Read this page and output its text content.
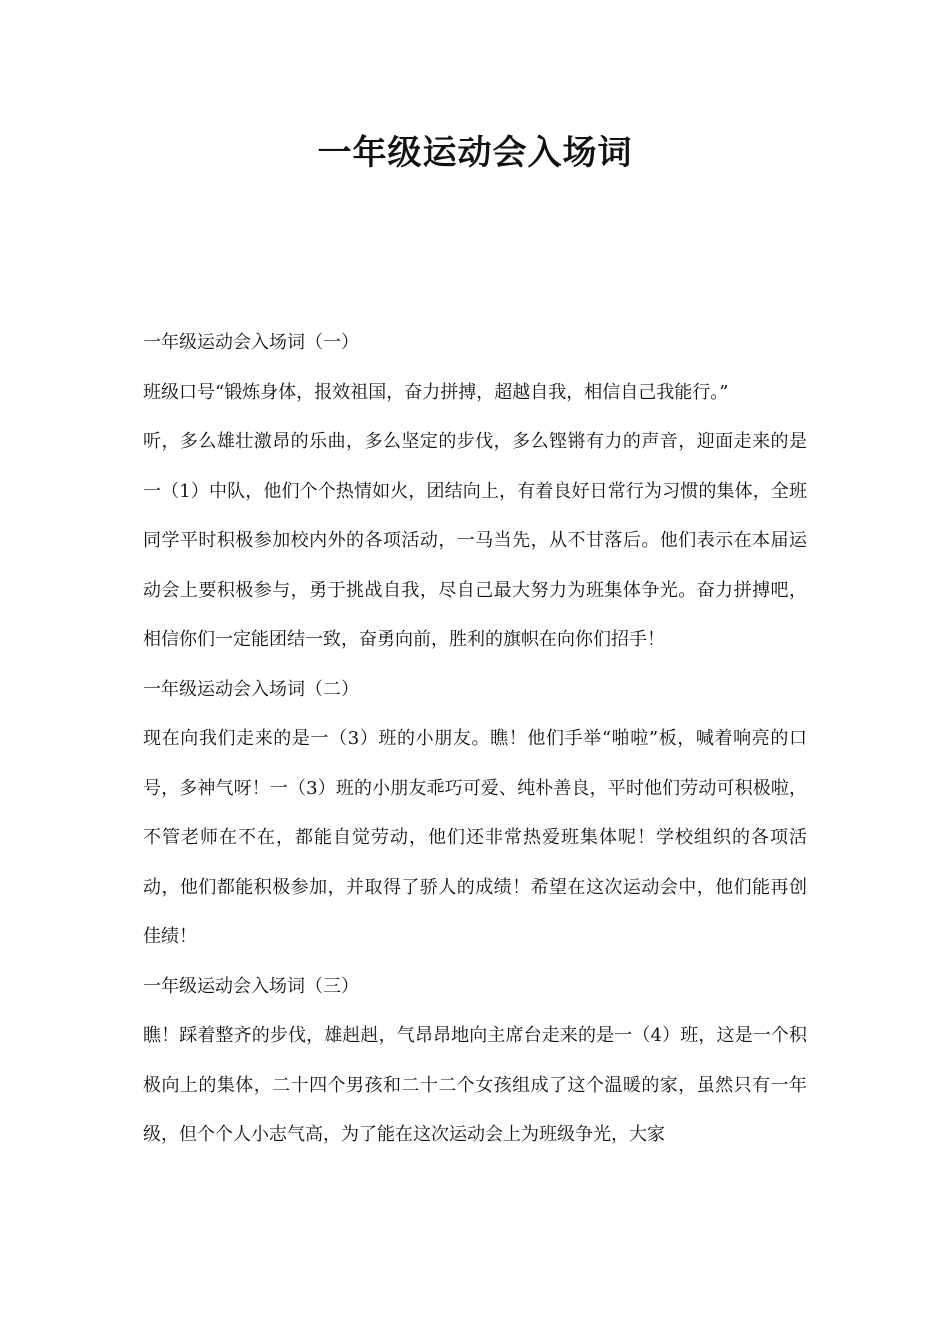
一年级运动会入场词

一年级运动会入场词（一）

班级口号“锻炼身体，报效祖国，奋力拼搏，超越自我，相信自己我能行。”

听，多么雄壮激昂的乐曲，多么坚定的步伐，多么铿锵有力的声音，迎面走来的是一（1）中队，他们个个热情如火，团结向上，有着良好日常行为习惯的集体，全班同学平时积极参加校内外的各项活动，一马当先，从不甘落后。他们表示在本届运动会上要积极参与，勇于挑战自我，尽自己最大努力为班集体争光。奋力拼搏吧，相信你们一定能团结一致，奋勇向前，胜利的旗帜在向你们招手！

一年级运动会入场词（二）

现在向我们走来的是一（3）班的小朋友。瞧！他们手举“啪啦”板，喊着响亮的口号，多神气呀！一（3）班的小朋友乖巧可爱、纯朴善良，平时他们劳动可积极啦，不管老师在不在，都能自觉劳动，他们还非常热爱班集体呢！学校组织的各项活动，他们都能积极参加，并取得了骄人的成绩！希望在这次运动会中，他们能再创佳绩！

一年级运动会入场词（三）

瞧！踩着整齐的步伐，雄赳赳，气昂昂地向主席台走来的是一（4）班，这是一个积极向上的集体，二十四个男孩和二十二个女孩组成了这个温暖的家，虽然只有一年级，但个个人小志气高，为了能在这次运动会上为班级争光，大家
